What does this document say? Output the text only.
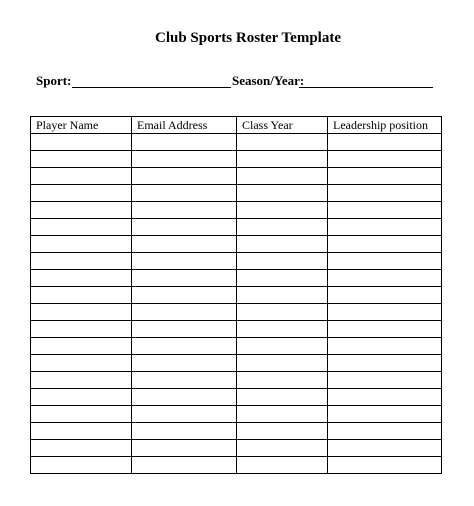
Club Sports Roster Template
Sport:	Season/Year:
Player Name	Email Address	Class Year	Leadership position
